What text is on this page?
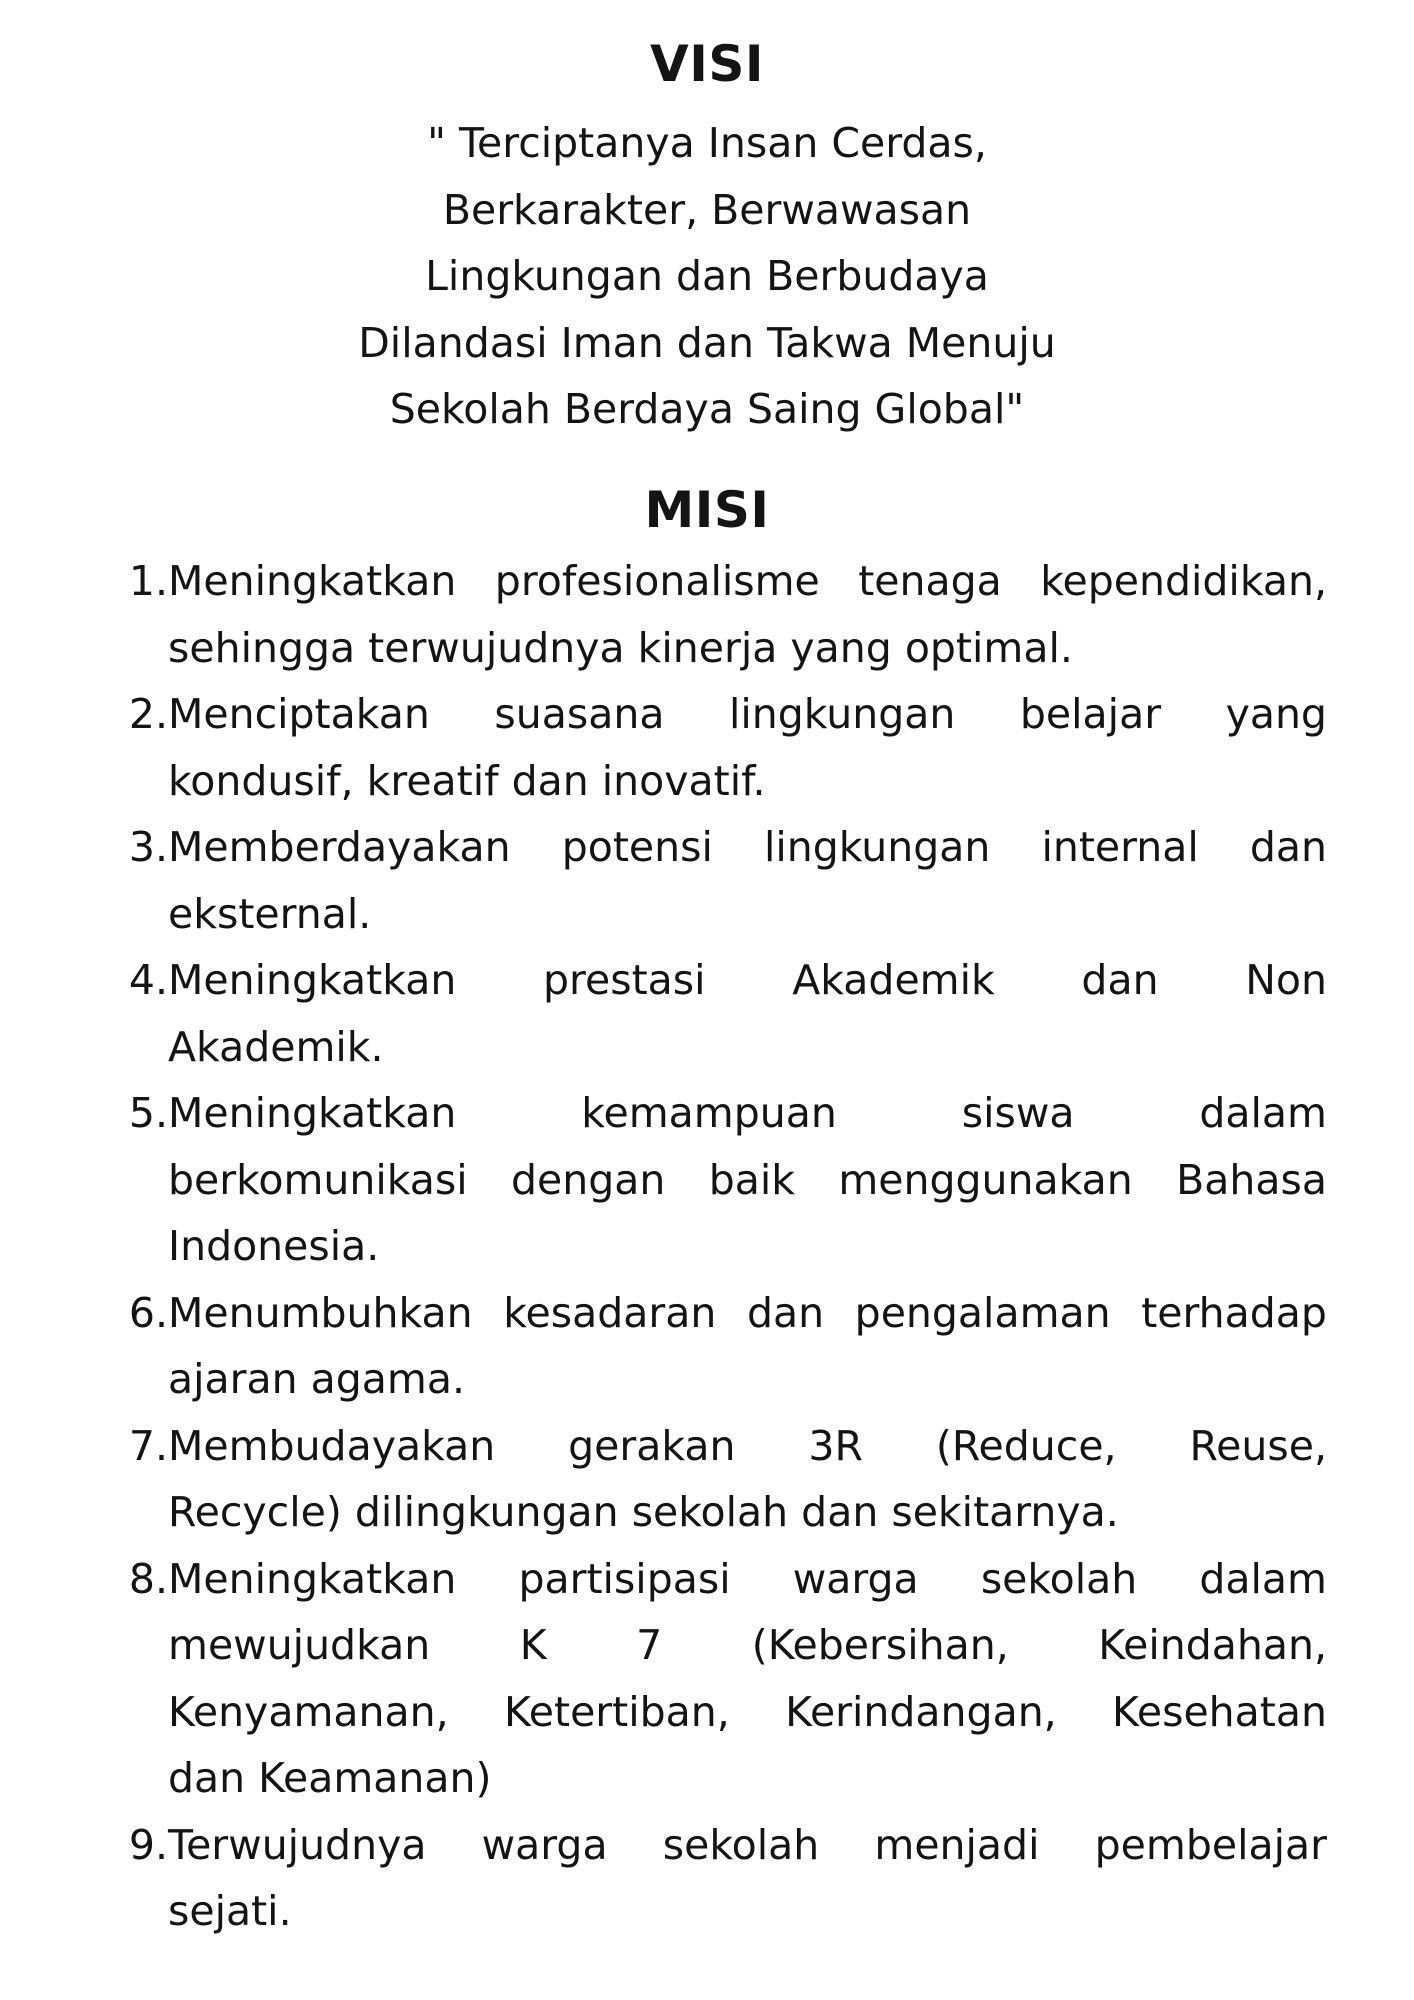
VISI
" Terciptanya Insan Cerdas,
Berkarakter, Berwawasan
Lingkungan dan Berbudaya
Dilandasi Iman dan Takwa Menuju
Sekolah Berdaya Saing Global"
MISI
1. Meningkatkan profesionalisme tenaga kependidikan,
sehingga terwujudnya kinerja yang optimal.
2. Menciptakan suasana lingkungan belajar yang
kondusif, kreatif dan inovatif.
3. Memberdayakan potensi lingkungan internal dan
eksternal.
4. Meningkatkan prestasi Akademik dan Non
Akademik.
5. Meningkatkan	kemampuan	siswa	dalam
berkomunikasi dengan baik menggunakan Bahasa
Indonesia.
6. Menumbuhkan kesadaran dan pengalaman terhadap
ajaran agama.
7. Membudayakan gerakan 3R (Reduce, Reuse,
Recycle) dilingkungan sekolah dan sekitarnya.
8. Meningkatkan partisipasi warga sekolah dalam
mewujudkan K 7 (Kebersihan, Keindahan,
Kenyamanan, Ketertiban, Kerindangan, Kesehatan
dan Keamanan)
9. Terwujudnya warga sekolah menjadi pembelajar
sejati.
